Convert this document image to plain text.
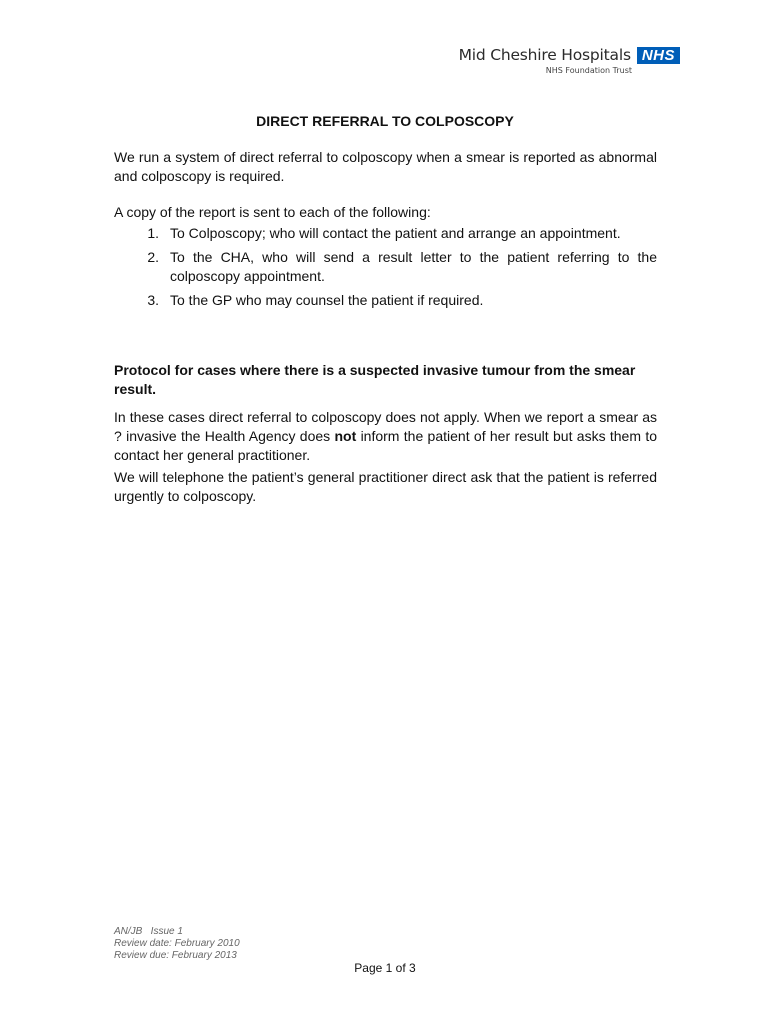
Mid Cheshire Hospitals NHS
NHS Foundation Trust
DIRECT REFERRAL TO COLPOSCOPY
We run a system of direct referral to colposcopy when a smear is reported as abnormal and colposcopy is required.
A copy of the report is sent to each of the following:
1. To Colposcopy; who will contact the patient and arrange an appointment.
2. To the CHA, who will send a result letter to the patient referring to the colposcopy appointment.
3. To the GP who may counsel the patient if required.
Protocol for cases where there is a suspected invasive tumour from the smear result.
In these cases direct referral to colposcopy does not apply. When we report a smear as ? invasive the Health Agency does not inform the patient of her result but asks them to contact her general practitioner.
We will telephone the patient’s general practitioner direct ask that the patient is referred urgently to colposcopy.
AN/JB   Issue 1
Review date: February 2010
Review due: February 2013
Page 1 of 3
